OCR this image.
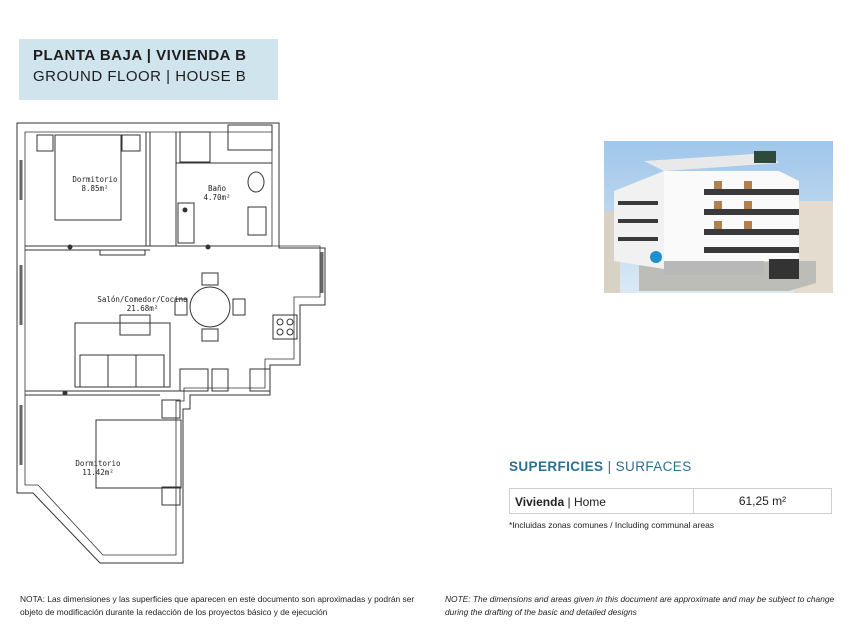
PLANTA BAJA | VIVIENDA B
GROUND FLOOR | HOUSE B
Dormitorio
8.85m²	Baño
4.70m²
Salón/Comedor/Cocina
21.68m²
Dormitorio
11.42m²	SUPERFICIES | SURFACES
Vivienda | Home	61,25 m²
*Incluidas zonas comunes / Including communal areas
NOTA: Las dimensiones y las superficies que aparecen en este documento son aproximadas y podrán ser objeto de modificación durante la redacción de los proyectos básico y de ejecución
NOTE: The dimensions and areas given in this document are approximate and may be subject to change during the drafting of the basic and detailed designs
